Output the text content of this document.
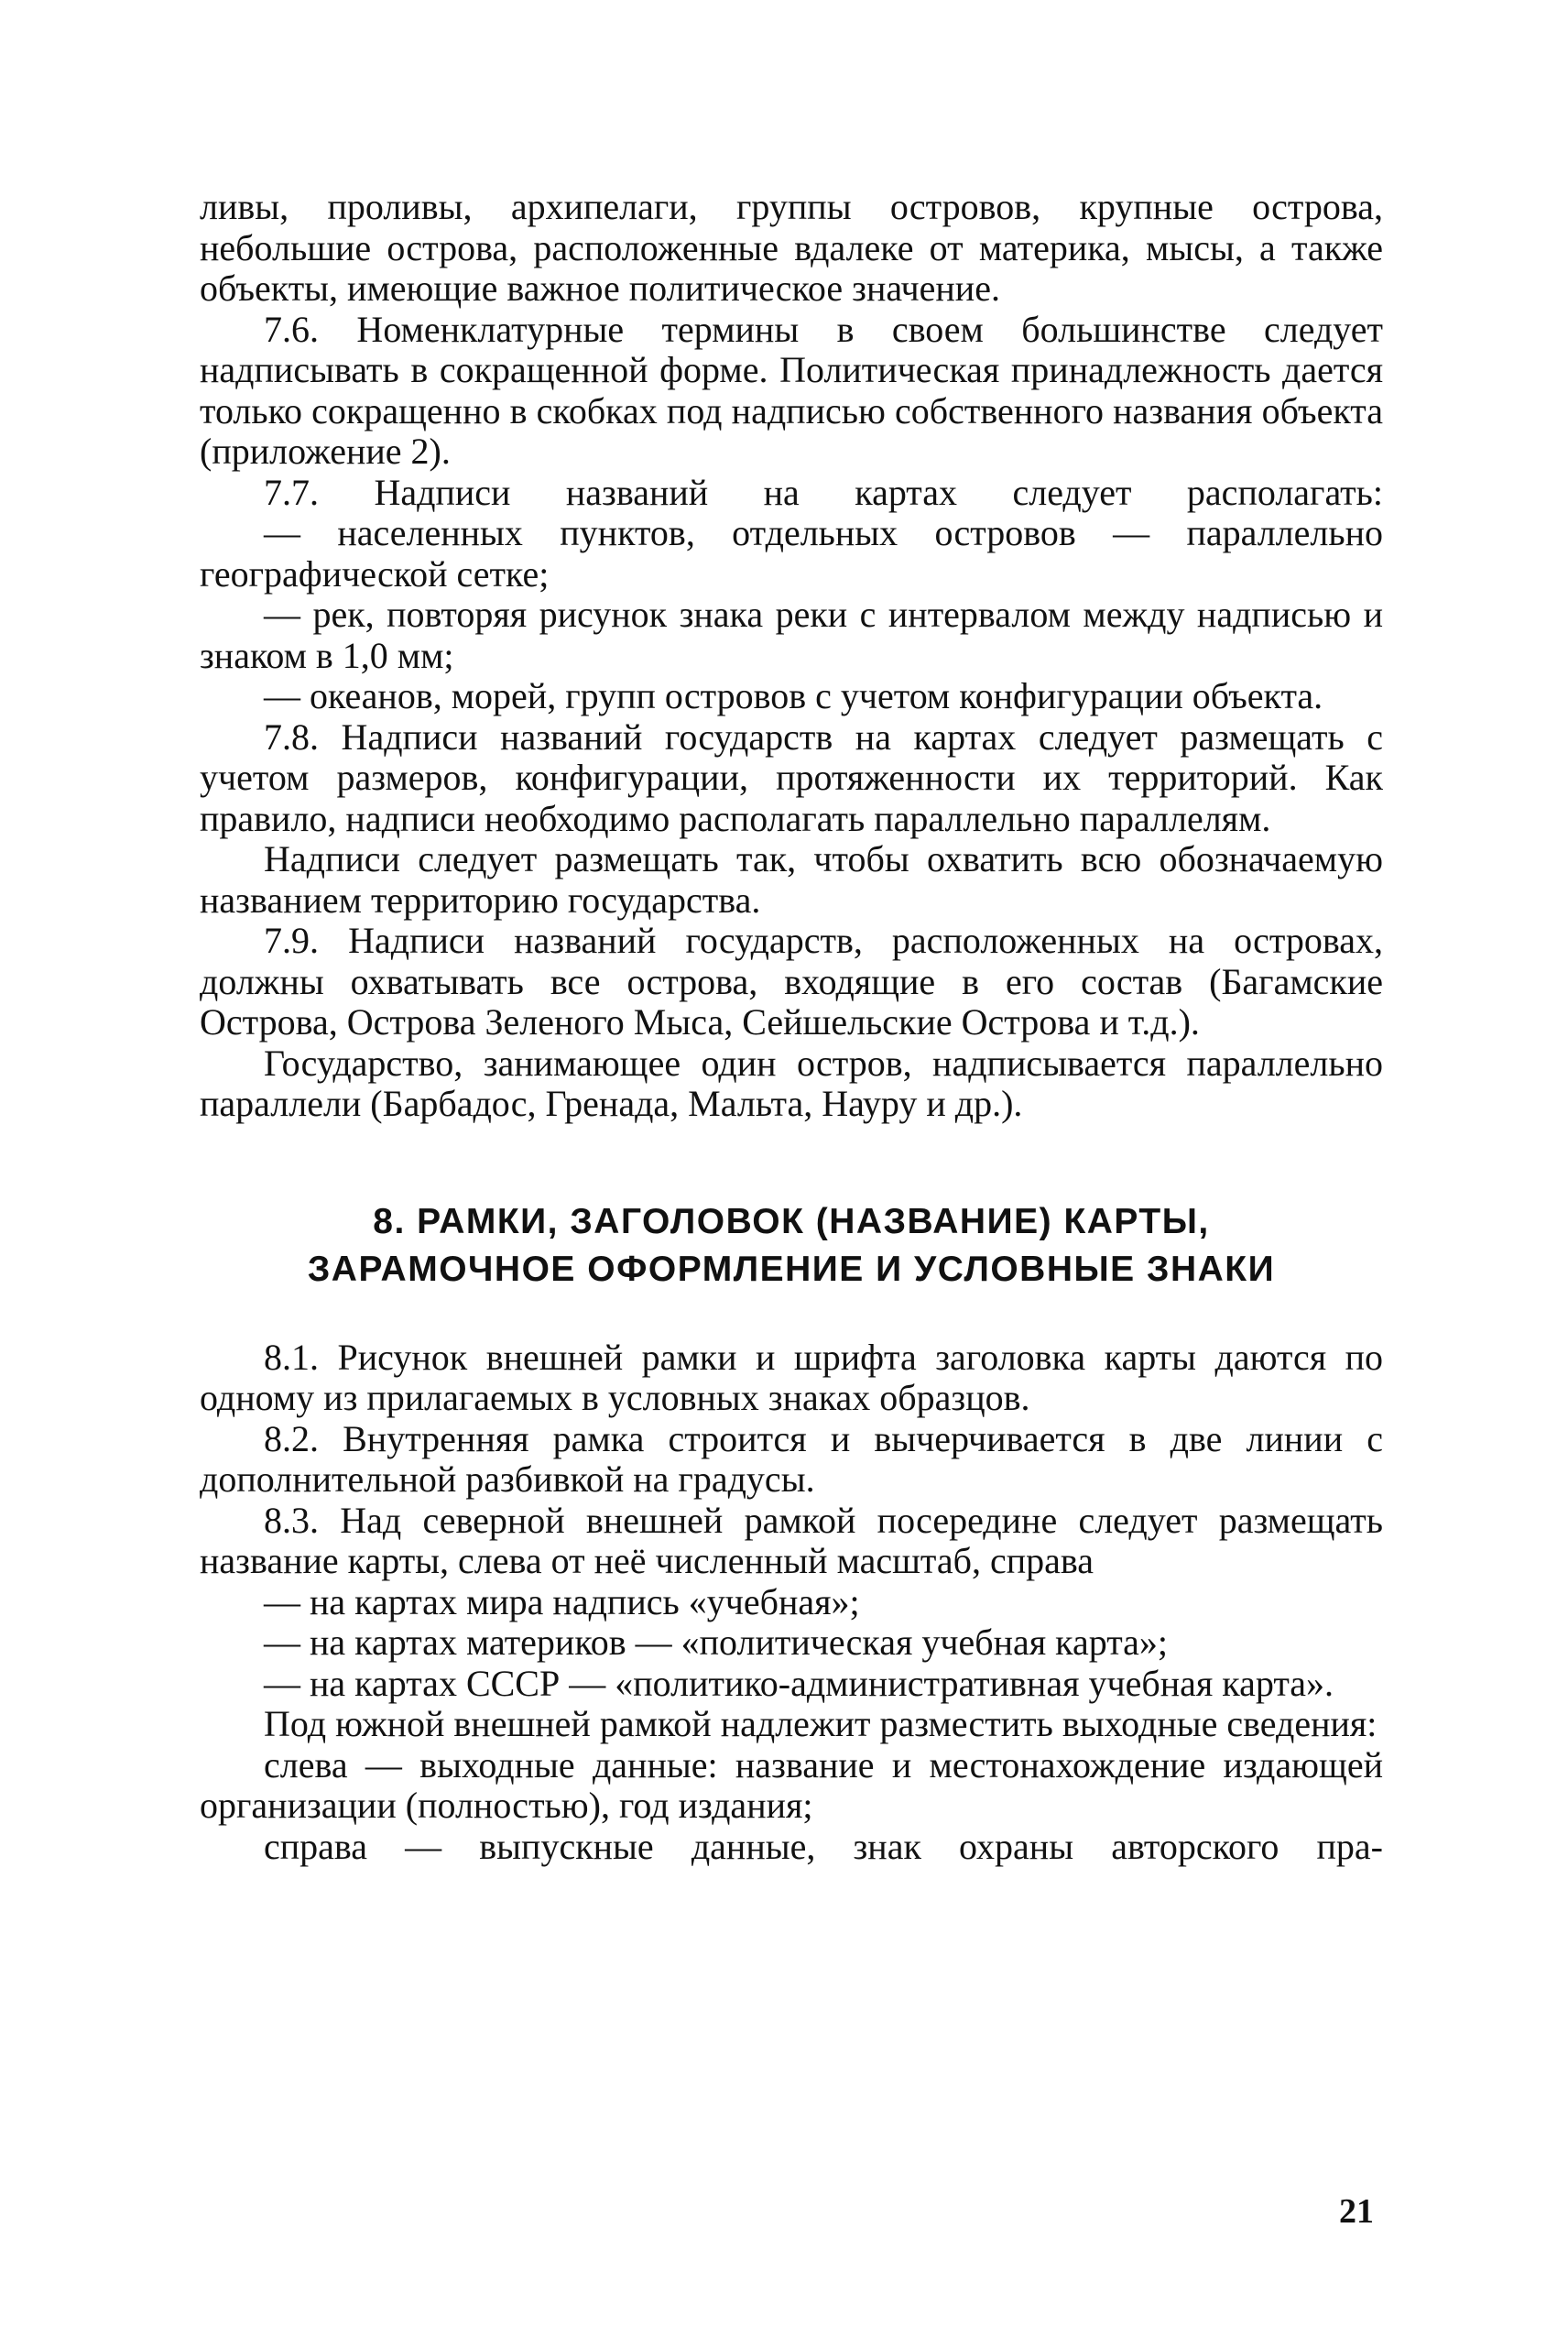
ливы, проливы, архипелаги, группы островов, крупные острова, небольшие острова, расположенные вдалеке от материка, мысы, а также объекты, имеющие важное политическое значение.

7.6. Номенклатурные термины в своем большинстве следует надписывать в сокращенной форме. Политическая принадлежность дается только сокращенно в скобках под надписью собственного названия объекта (приложение 2).

7.7. Надписи названий на картах следует располагать:

— населенных пунктов, отдельных островов — параллельно географической сетке;

— рек, повторяя рисунок знака реки с интервалом между надписью и знаком в 1,0 мм;

— океанов, морей, групп островов с учетом конфигурации объекта.

7.8. Надписи названий государств на картах следует размещать с учетом размеров, конфигурации, протяженности их территорий. Как правило, надписи необходимо располагать параллельно параллелям.

Надписи следует размещать так, чтобы охватить всю обозначаемую названием территорию государства.

7.9. Надписи названий государств, расположенных на островах, должны охватывать все острова, входящие в его состав (Багамские Острова, Острова Зеленого Мыса, Сейшельские Острова и т.д.).

Государство, занимающее один остров, надписывается параллельно параллели (Барбадос, Гренада, Мальта, Науру и др.).

8. РАМКИ, ЗАГОЛОВОК (НАЗВАНИЕ) КАРТЫ,
ЗАРАМОЧНОЕ ОФОРМЛЕНИЕ И УСЛОВНЫЕ ЗНАКИ

8.1. Рисунок внешней рамки и шрифта заголовка карты даются по одному из прилагаемых в условных знаках образцов.

8.2. Внутренняя рамка строится и вычерчивается в две линии с дополнительной разбивкой на градусы.

8.3. Над северной внешней рамкой посередине следует размещать название карты, слева от неё численный масштаб, справа

— на картах мира надпись «учебная»;

— на картах материков — «политическая учебная карта»;

— на картах СССР — «политико-административная учебная карта».

Под южной внешней рамкой надлежит разместить выходные сведения:

слева — выходные данные: название и местонахождение издающей организации (полностью), год издания;

справа — выпускные данные, знак охраны авторского пра-

21
